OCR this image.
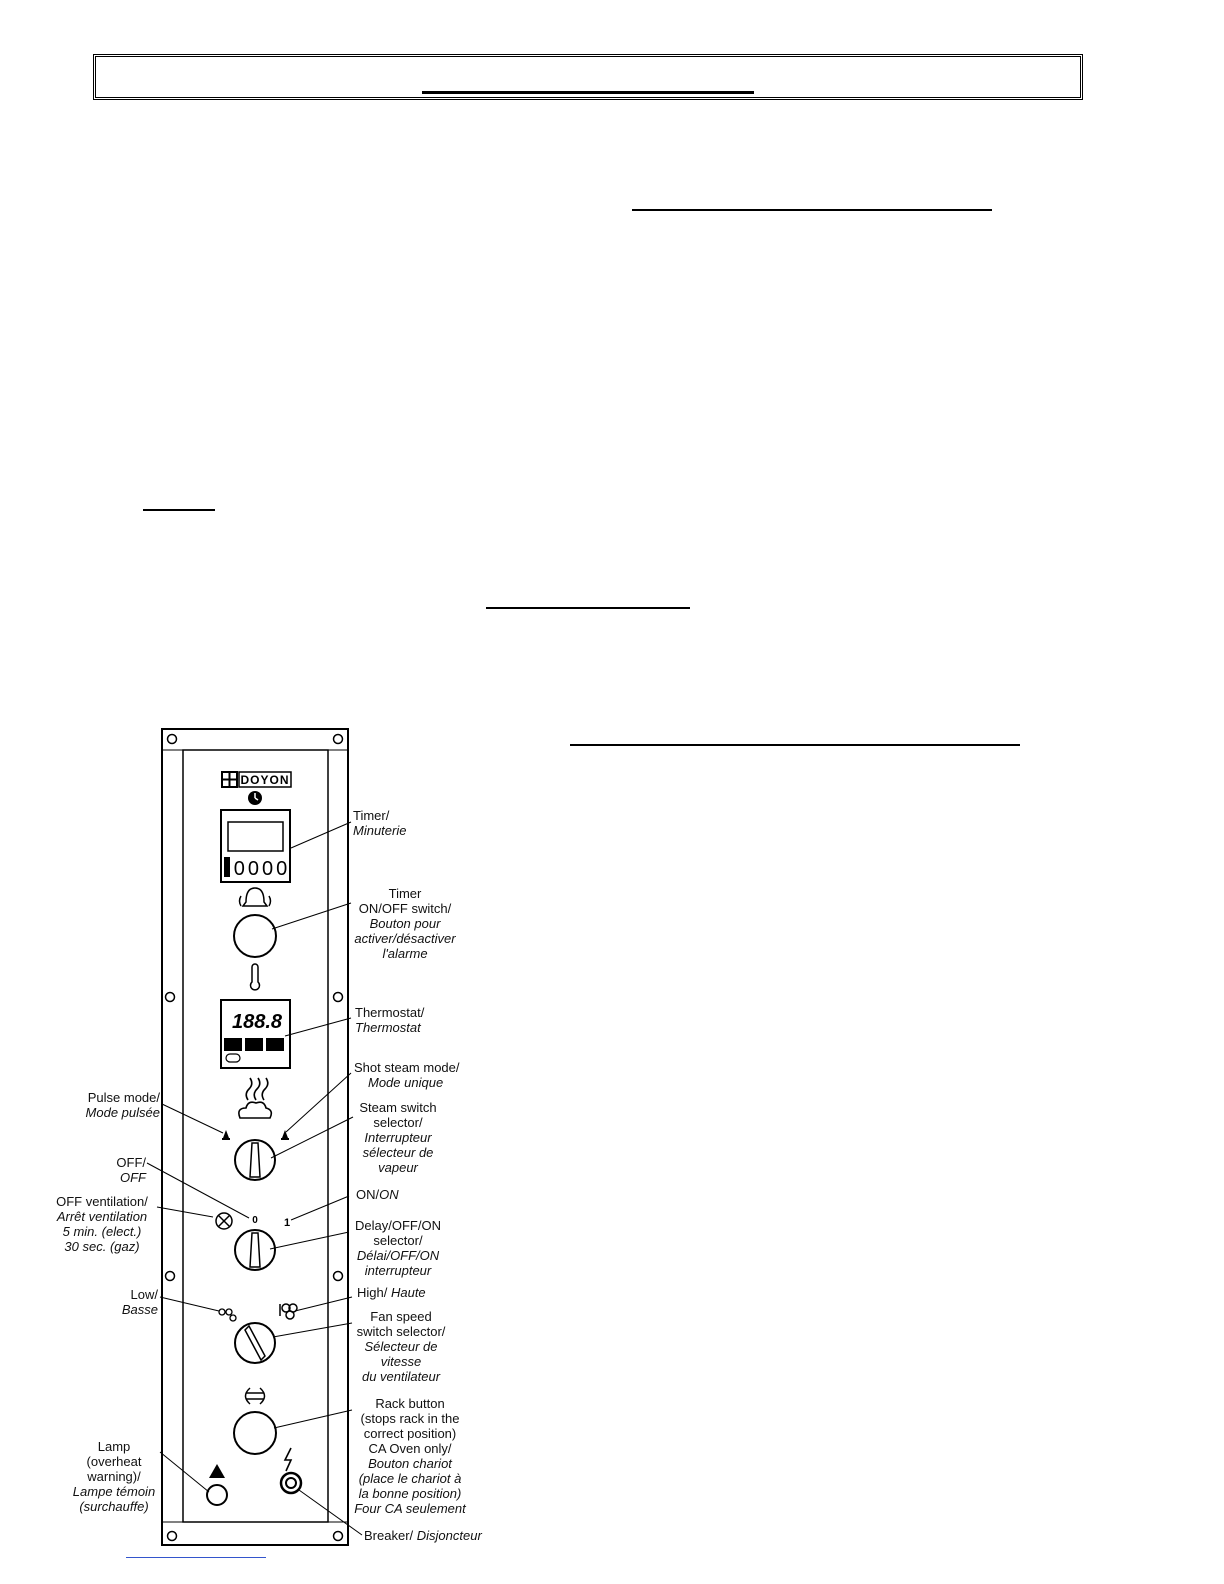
DOYON
0000
188.8
0 1
Timer/
Minuterie
Timer
ON/OFF switch/
Bouton pour
activer/désactiver
l'alarme
Thermostat/
Thermostat
Shot steam mode/
Mode unique
Steam switch
selector/
Interrupteur
sélecteur de
vapeur
Pulse mode/
Mode pulsée
OFF/
OFF
OFF ventilation/
Arrêt ventilation
5 min. (elect.)
30 sec. (gaz)
ON/ON
Delay/OFF/ON
selector/
Délai/OFF/ON
interrupteur
Low/
Basse
High/ Haute
Fan speed
switch selector/
Sélecteur de
vitesse
du ventilateur
Rack button
(stops rack in the
correct position)
CA Oven only/
Bouton chariot
(place le chariot à
la bonne position)
Four CA seulement
Lamp
(overheat
warning)/
Lampe témoin
(surchauffe)
Breaker/ Disjoncteur
